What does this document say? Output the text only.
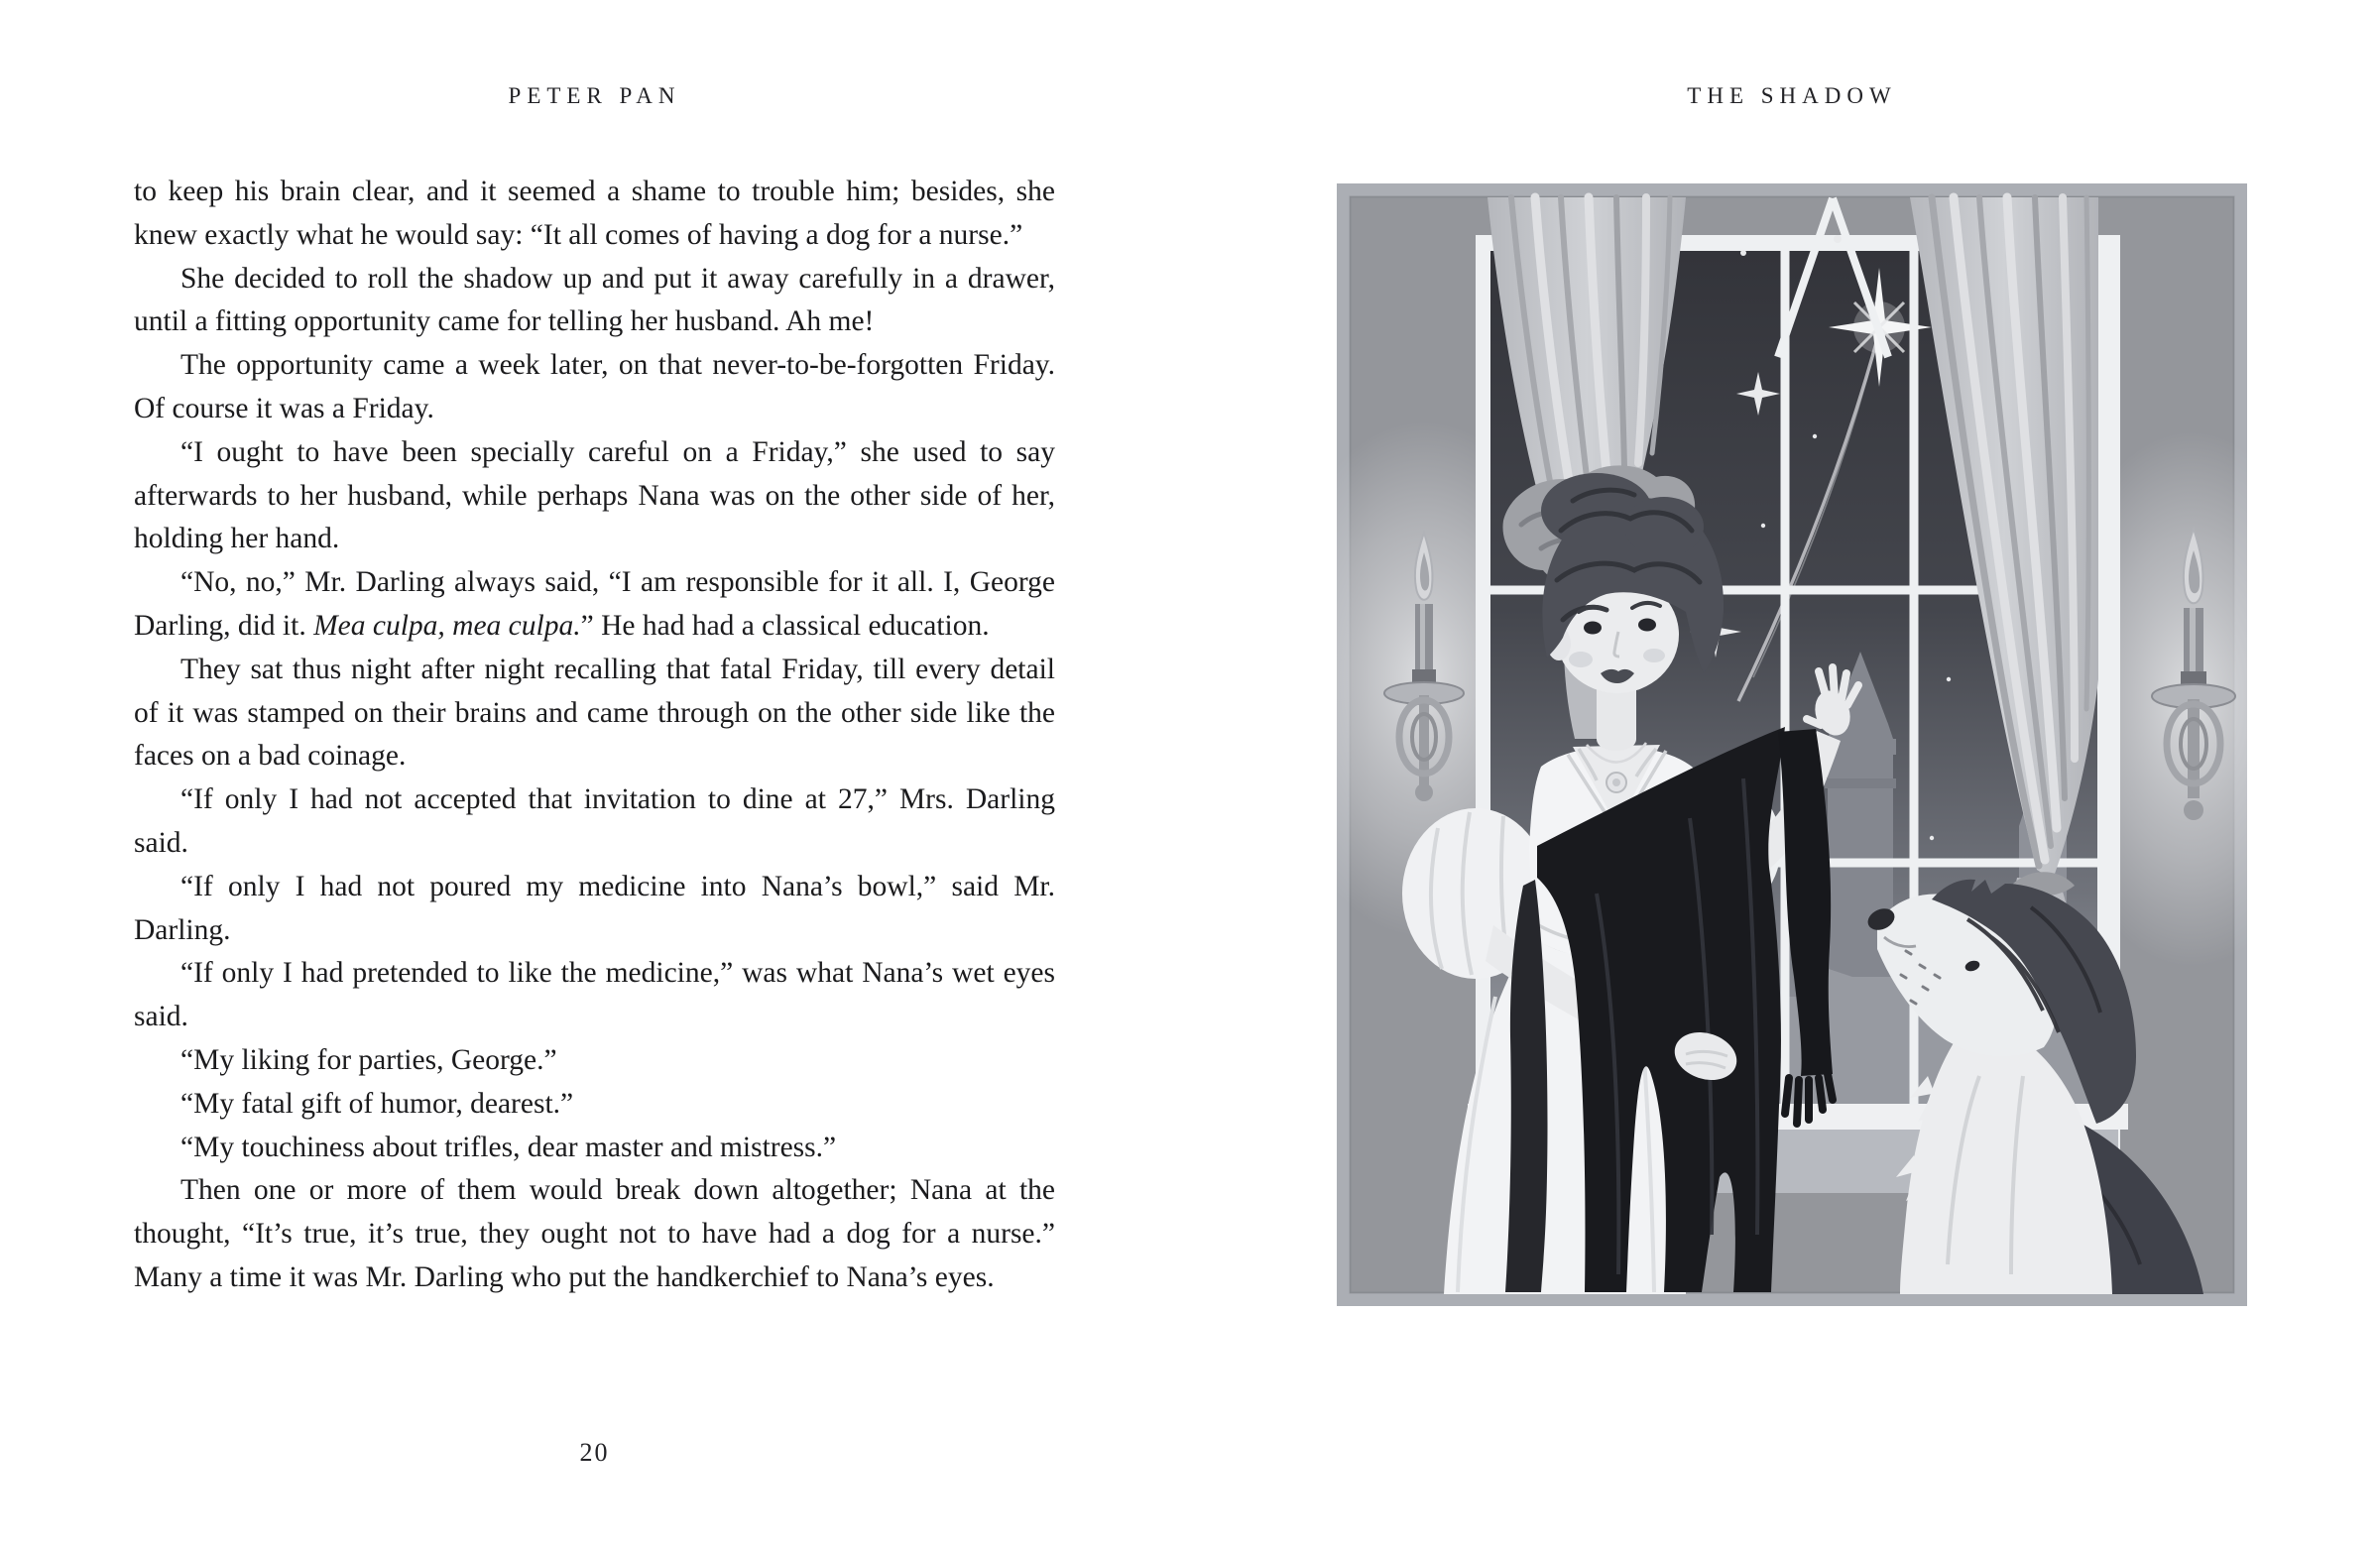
PETER PAN

to keep his brain clear, and it seemed a shame to trouble him; besides, she knew exactly what he would say: “It all comes of having a dog for a nurse.”

She decided to roll the shadow up and put it away carefully in a drawer, until a fitting opportunity came for telling her husband. Ah me!

The opportunity came a week later, on that never-to-be-forgotten Friday. Of course it was a Friday.

“I ought to have been specially careful on a Friday,” she used to say afterwards to her husband, while perhaps Nana was on the other side of her, holding her hand.

“No, no,” Mr. Darling always said, “I am responsible for it all. I, George Darling, did it. Mea culpa, mea culpa.” He had had a classical education.

They sat thus night after night recalling that fatal Friday, till every detail of it was stamped on their brains and came through on the other side like the faces on a bad coinage.

“If only I had not accepted that invitation to dine at 27,” Mrs. Darling said.

“If only I had not poured my medicine into Nana’s bowl,” said Mr. Darling.

“If only I had pretended to like the medicine,” was what Nana’s wet eyes said.

“My liking for parties, George.”

“My fatal gift of humor, dearest.”

“My touchiness about trifles, dear master and mistress.”

Then one or more of them would break down altogether; Nana at the thought, “It’s true, it’s true, they ought not to have had a dog for a nurse.” Many a time it was Mr. Darling who put the handkerchief to Nana’s eyes.

20
THE SHADOW
